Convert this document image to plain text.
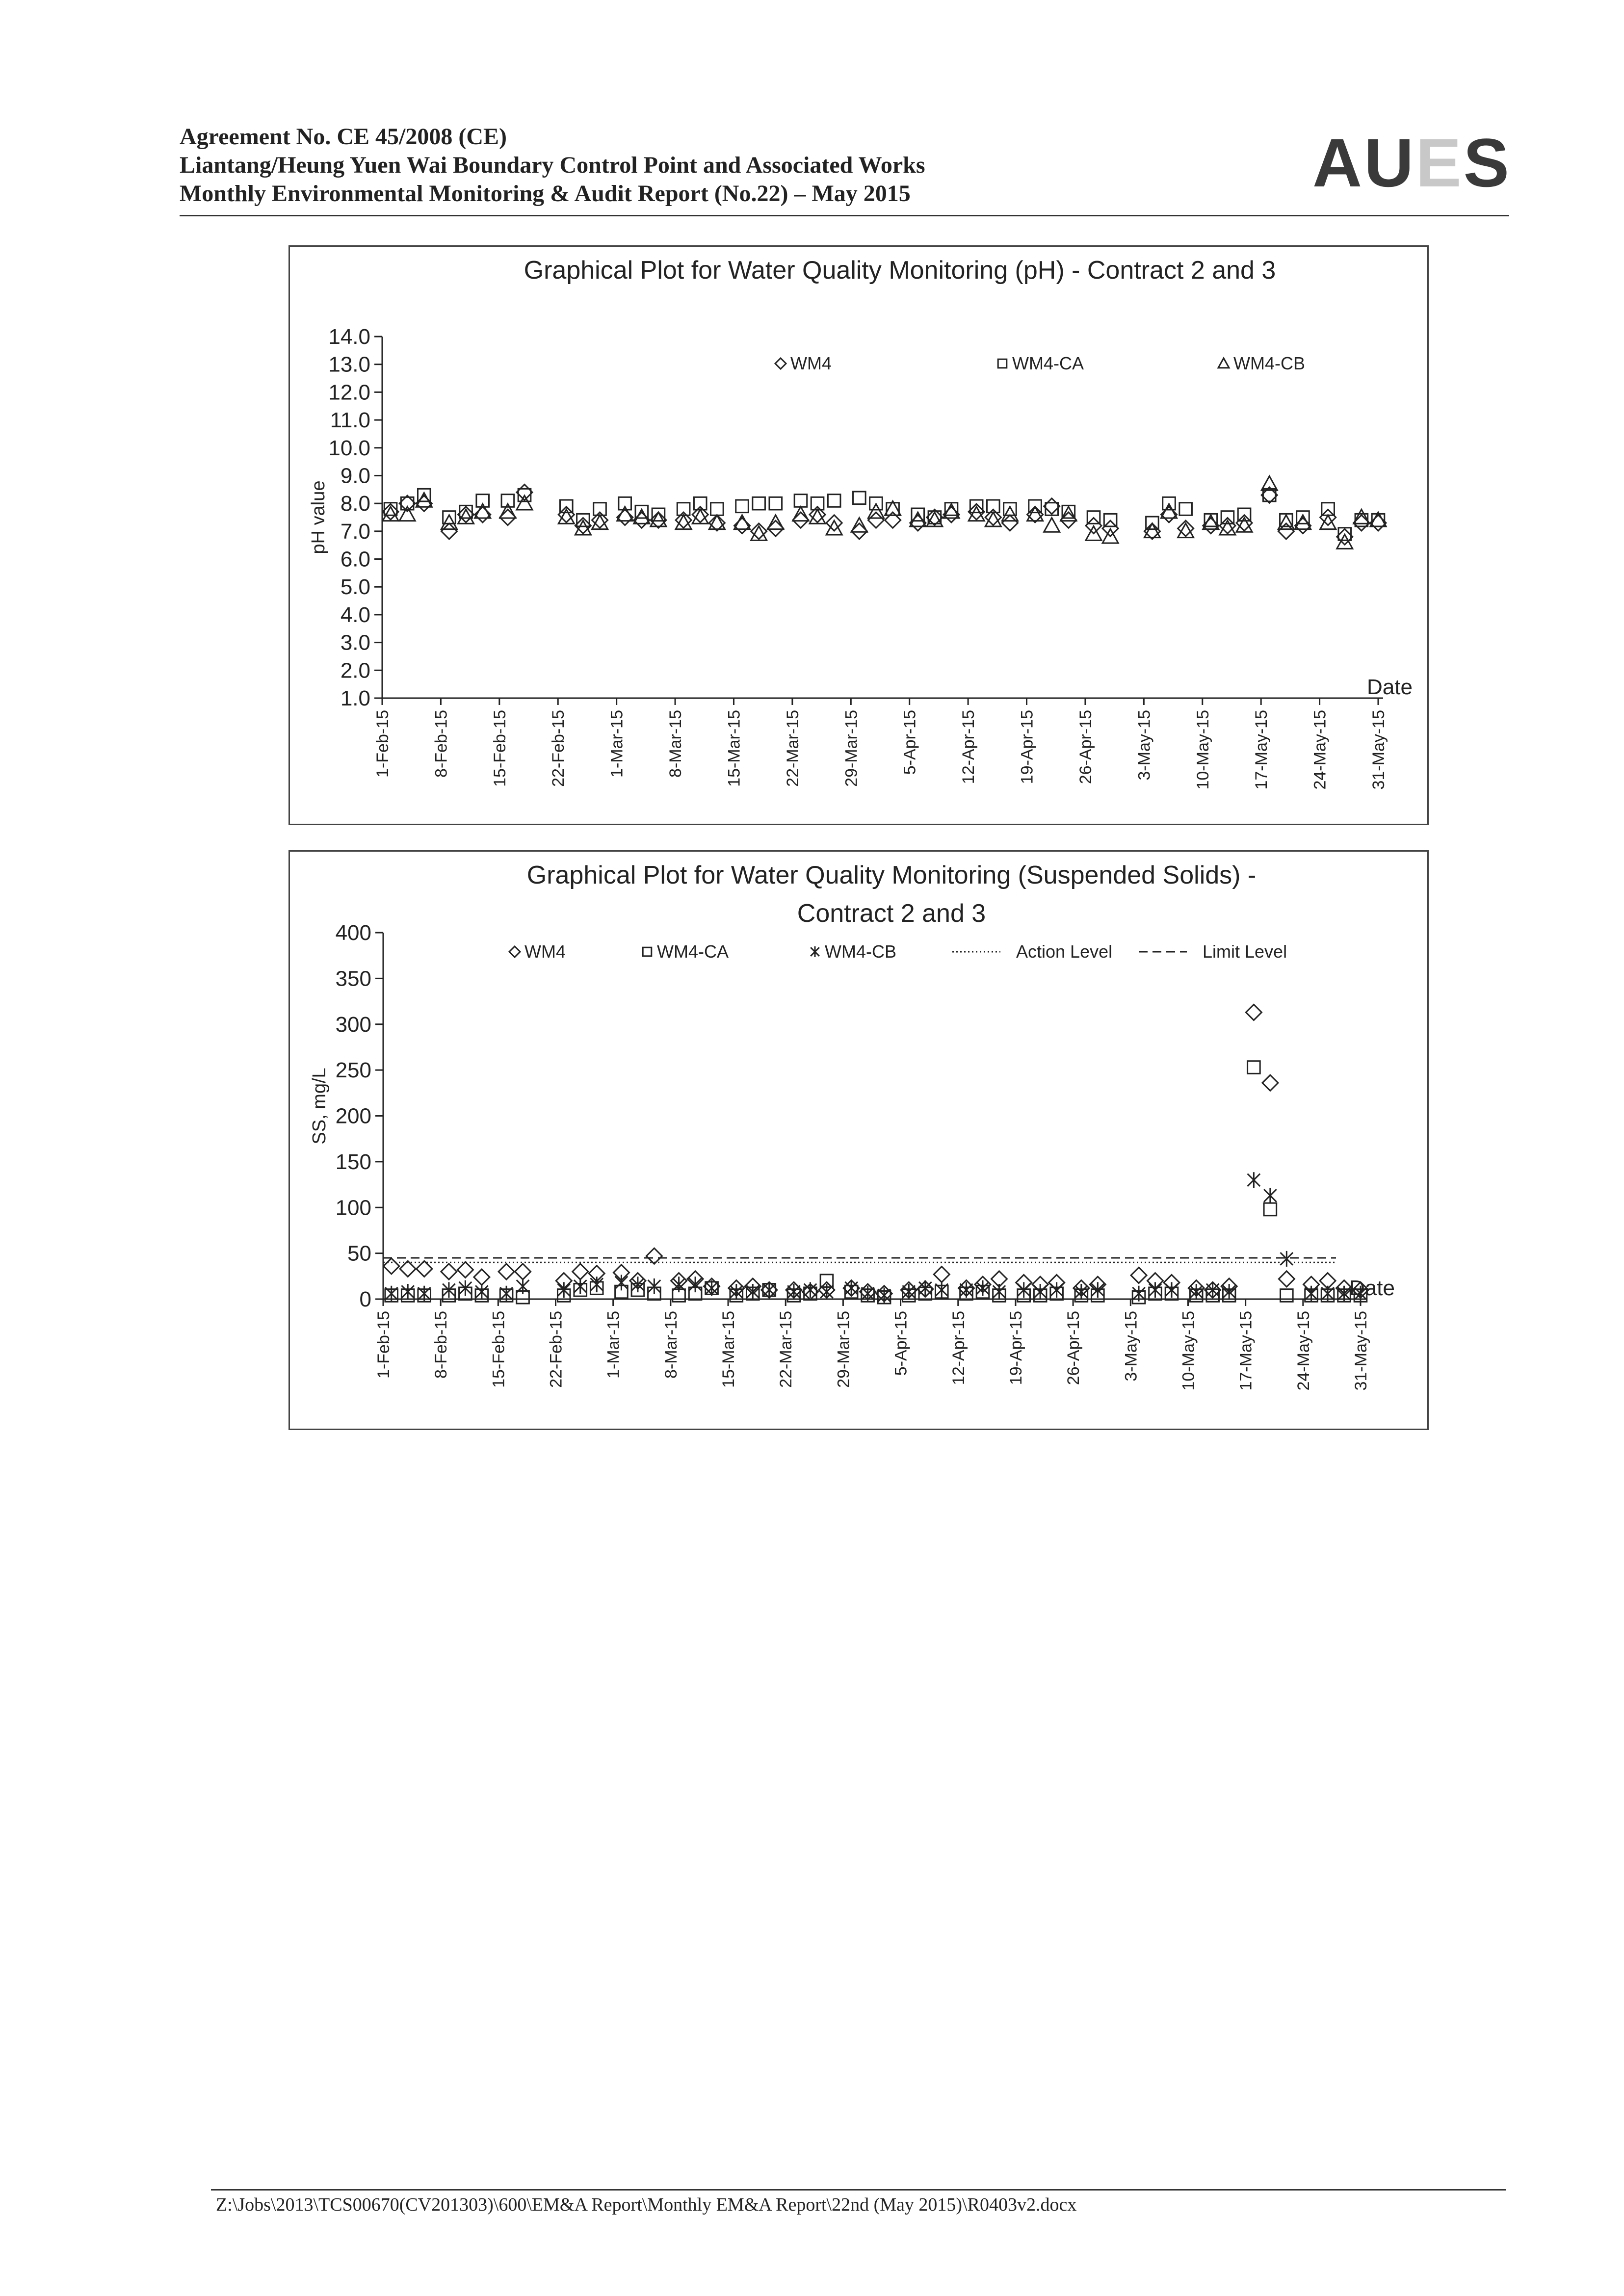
Agreement No. CE 45/2008 (CE)
Liantang/Heung Yuen Wai Boundary Control Point and Associated Works
Monthly Environmental Monitoring & Audit Report (No.22) – May 2015	AUES
Graphical Plot for Water Quality Monitoring (pH) - Contract 2 and 3
1.0
2.0
3.0
4.0
5.0
6.0
7.0
8.0
9.0
10.0
11.0
12.0
13.0
14.0
1-Feb-15 8-Feb-15 15-Feb-15 22-Feb-15 1-Mar-15 8-Mar-15 15-Mar-15 22-Mar-15 29-Mar-15 5-Apr-15 12-Apr-15 19-Apr-15 26-Apr-15 3-May-15 10-May-15 17-May-15 24-May-15 31-May-15
Date
pH value
WM4	WM4-CA	WM4-CB
Graphical Plot for Water Quality Monitoring (Suspended Solids) -
Contract 2 and 3
0
50
100
150
200
250
300
350
400
1-Feb-15 8-Feb-15 15-Feb-15 22-Feb-15 1-Mar-15 8-Mar-15 15-Mar-15 22-Mar-15 29-Mar-15 5-Apr-15 12-Apr-15 19-Apr-15 26-Apr-15 3-May-15 10-May-15 17-May-15 24-May-15 31-May-15
Date
SS, mg/L
WM4	WM4-CA	WM4-CB	Action Level	Limit Level
Z:\Jobs\2013\TCS00670(CV201303)\600\EM&A Report\Monthly EM&A Report\22nd (May 2015)\R0403v2.docx
